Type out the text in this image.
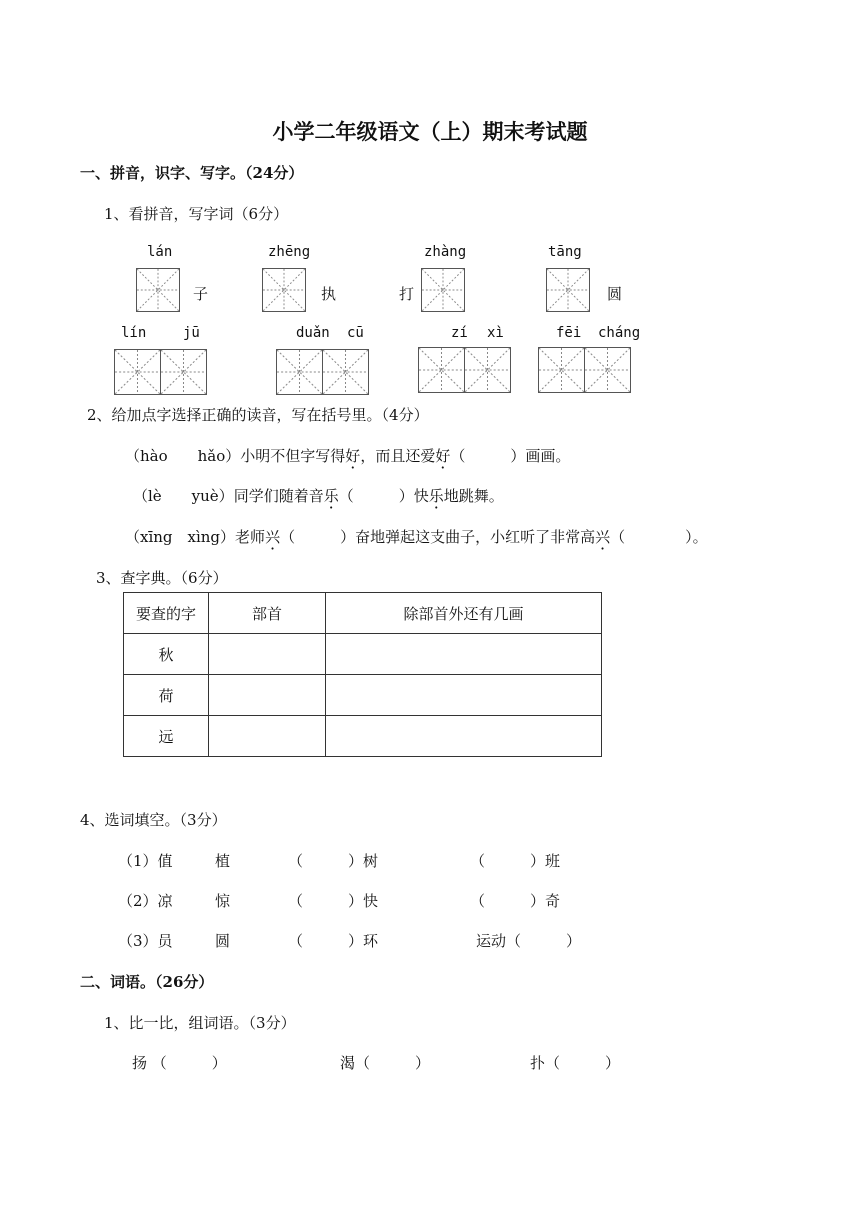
小学二年级语文（上）期末考试题
一、拼音，识字、写字。（24分）
1、看拼音，写字词（6分）
lán	zhēng	zhàng	tāng
子	执	打	圆
lín	jū	duǎn cū	zí xì	fēi cháng
2、给加点字选择正确的读音，写在括号里。（4分）
（hào　　hǎo）小明不但字写得好，而且还爱好（　　　）画画。
（lè　　yuè）同学们随着音乐（　　　）快乐地跳舞。
（xīng　xìng）老师兴（　　　）奋地弹起这支曲子，小红听了非常高兴（　　　　）。
3、查字典。（6分）
要查的字	部首	除部首外还有几画
秋		
荷		
远		
4、选词填空。（3分）
（1）值	植	（　　　）树	（　　　）班
（2）凉	惊	（　　　）快	（　　　）奇
（3）员	圆	（　　　）环	运动（　　　）
二、词语。（26分）
1、比一比，组词语。（3分）
扬 （　　　）	渴（　　　）	扑（　　　）
